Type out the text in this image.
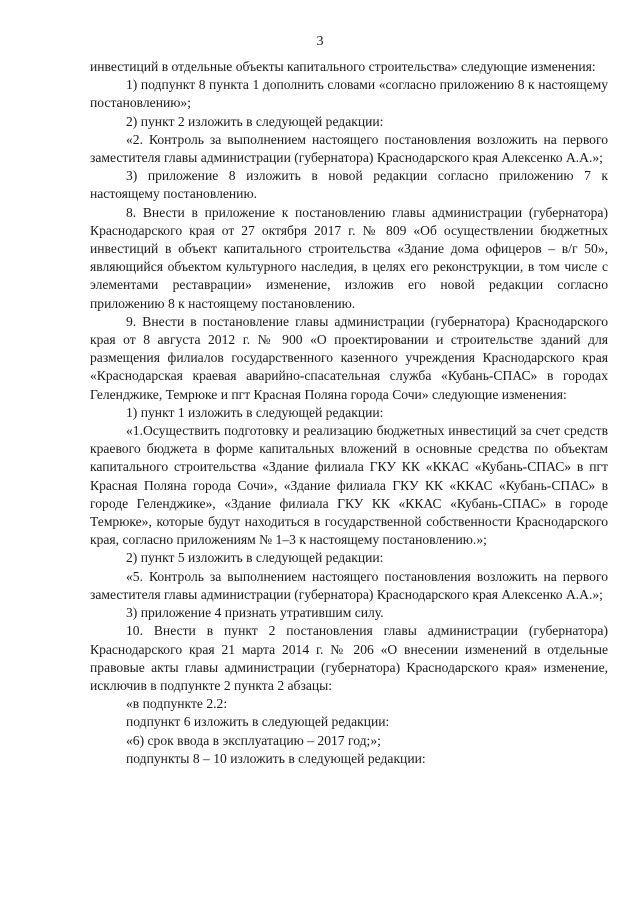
3

инвестиций в отдельные объекты капитального строительства» следующие изменения:

1) подпункт 8 пункта 1 дополнить словами «согласно приложению 8 к настоящему постановлению»;

2) пункт 2 изложить в следующей редакции:

«2. Контроль за выполнением настоящего постановления возложить на первого заместителя главы администрации (губернатора) Краснодарского края Алексенко А.А.»;

3) приложение 8 изложить в новой редакции согласно приложению 7 к настоящему постановлению.

8. Внести в приложение к постановлению главы администрации (губернатора) Краснодарского края от 27 октября 2017 г. № 809 «Об осуществлении бюджетных инвестиций в объект капитального строительства «Здание дома офицеров – в/г 50», являющийся объектом культурного наследия, в целях его реконструкции, в том числе с элементами реставрации» изменение, изложив его новой редакции согласно приложению 8 к настоящему постановлению.

9. Внести в постановление главы администрации (губернатора) Краснодарского края от 8 августа 2012 г. № 900 «О проектировании и строительстве зданий для размещения филиалов государственного казенного учреждения Краснодарского края «Краснодарская краевая аварийно-спасательная служба «Кубань-СПАС» в городах Геленджике, Темрюке и пгт Красная Поляна города Сочи» следующие изменения:

1) пункт 1 изложить в следующей редакции:

«1.Осуществить подготовку и реализацию бюджетных инвестиций за счет средств краевого бюджета в форме капитальных вложений в основные средства по объектам капитального строительства «Здание филиала ГКУ КК «ККАС «Кубань-СПАС» в пгт Красная Поляна города Сочи», «Здание филиала ГКУ КК «ККАС «Кубань-СПАС» в городе Геленджике», «Здание филиала ГКУ КК «ККАС «Кубань-СПАС» в городе Темрюке», которые будут находиться в государственной собственности Краснодарского края, согласно приложениям № 1–3 к настоящему постановлению.»;

2) пункт 5 изложить в следующей редакции:

«5. Контроль за выполнением настоящего постановления возложить на первого заместителя главы администрации (губернатора) Краснодарского края Алексенко А.А.»;

3) приложение 4 признать утратившим силу.

10. Внести в пункт 2 постановления главы администрации (губернатора) Краснодарского края 21 марта 2014 г. № 206 «О внесении изменений в отдельные правовые акты главы администрации (губернатора) Краснодарского края» изменение, исключив в подпункте 2 пункта 2 абзацы:

«в подпункте 2.2:

подпункт 6 изложить в следующей редакции:

«6) срок ввода в эксплуатацию – 2017 год;»;

подпункты 8 – 10 изложить в следующей редакции:
